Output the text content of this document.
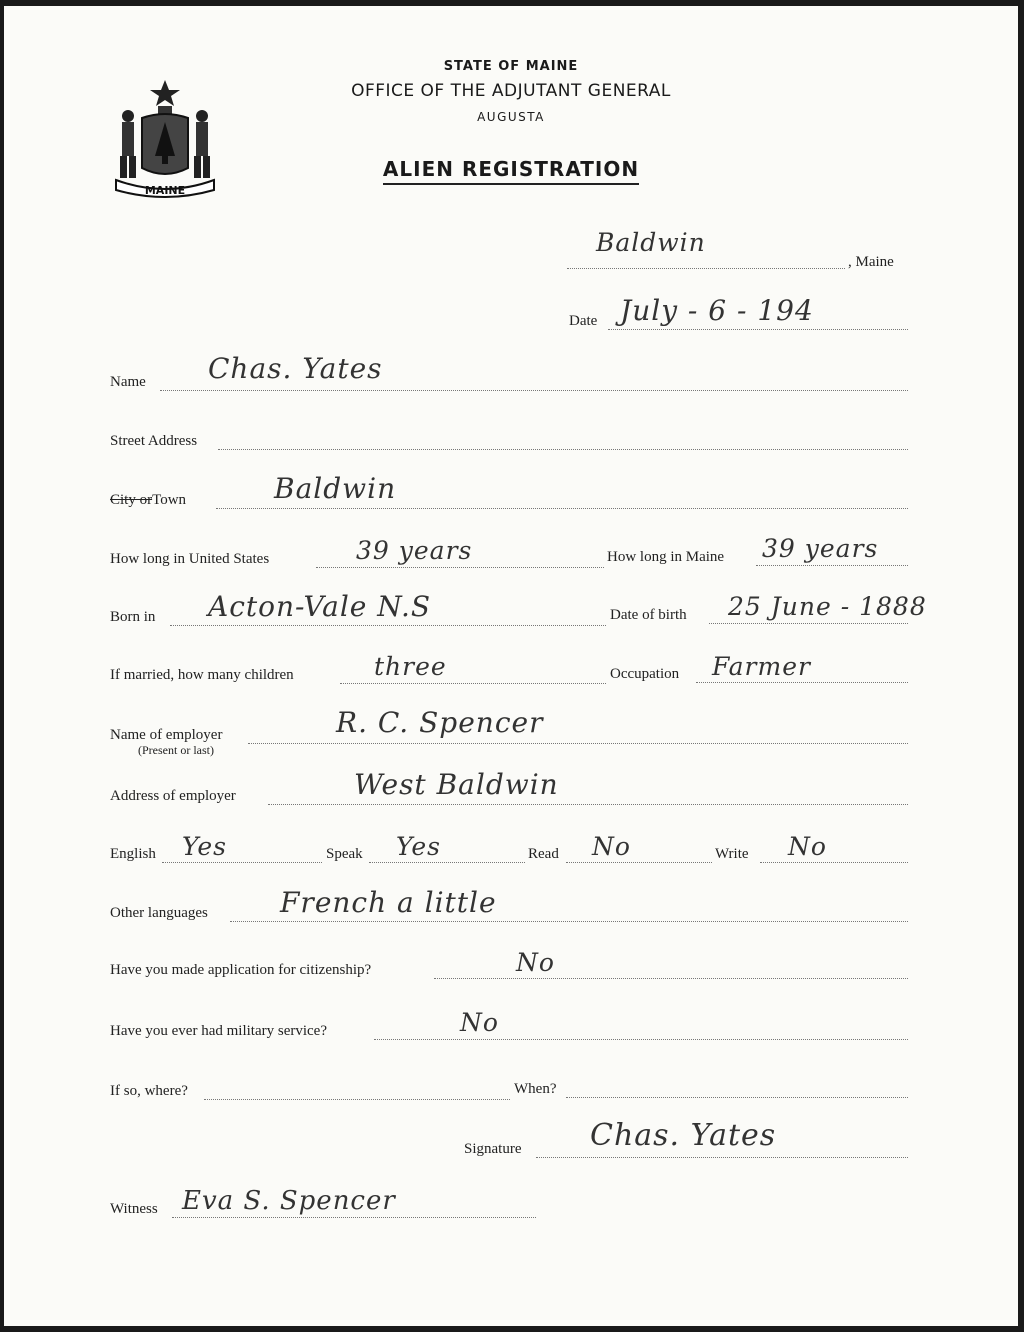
MAINE
STATE OF MAINE
OFFICE OF THE ADJUTANT GENERAL
AUGUSTA
ALIEN REGISTRATION
Baldwin
, Maine
Date July - 6 - 194
Name Chas. Yates
Street Address
City orTown	Baldwin
How long in United States	39 years	How long in Maine 39 years
Born in Acton-Vale N.S	Date of birth 25 June - 1888
If married, how many children	three	Occupation Farmer
Name of employer
(Present or last)
R. C. Spencer
Address of employer	West Baldwin
English Yes	Speak Yes	Read No	Write No
Other languages	French a little
Have you made application for citizenship?	No
Have you ever had military service?	No
If so, where?	When?
Signature Chas. Yates
Witness Eva S. Spencer
